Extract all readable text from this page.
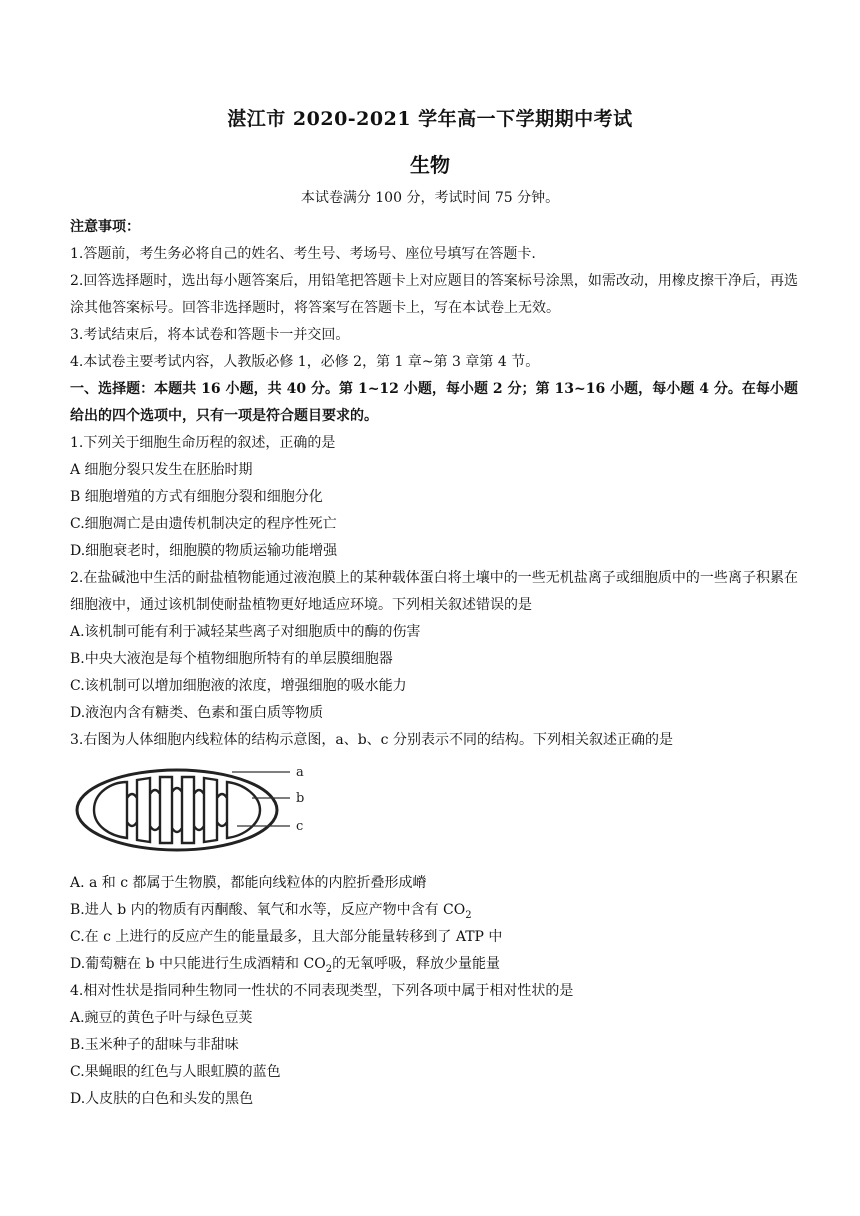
湛江市 2020-2021 学年高一下学期期中考试
生物
本试卷满分 100 分，考试时间 75 分钟。

注意事项：

1.答题前，考生务必将自己的姓名、考生号、考场号、座位号填写在答题卡.

2.回答选择题时，选出每小题答案后，用铅笔把答题卡上对应题目的答案标号涂黑，如需改动，用橡皮擦干净后，再选涂其他答案标号。回答非选择题时，将答案写在答题卡上，写在本试卷上无效。

3.考试结束后，将本试卷和答题卡一并交回。

4.本试卷主要考试内容，人教版必修 1，必修 2，第 1 章~第 3 章第 4 节。

一、选择题：本题共 16 小题，共 40 分。第 1~12 小题，每小题 2 分；第 13~16 小题，每小题 4 分。在每小题给出的四个选项中，只有一项是符合题目要求的。

1.下列关于细胞生命历程的叙述，正确的是

A 细胞分裂只发生在胚胎时期

B 细胞增殖的方式有细胞分裂和细胞分化

C.细胞凋亡是由遗传机制决定的程序性死亡

D.细胞衰老时，细胞膜的物质运输功能增强

2.在盐碱池中生活的耐盐植物能通过液泡膜上的某种载体蛋白将土壤中的一些无机盐离子或细胞质中的一些离子积累在细胞液中，通过该机制使耐盐植物更好地适应环境。下列相关叙述错误的是

A.该机制可能有利于减轻某些离子对细胞质中的酶的伤害

B.中央大液泡是每个植物细胞所特有的单层膜细胞器

C.该机制可以增加细胞液的浓度，增强细胞的吸水能力

D.液泡内含有糖类、色素和蛋白质等物质

3.右图为人体细胞内线粒体的结构示意图，a、b、c 分别表示不同的结构。下列相关叙述正确的是

a
b
c

A. a 和 c 都属于生物膜，都能向线粒体的内腔折叠形成嵴

B.进人 b 内的物质有丙酮酸、氧气和水等，反应产物中含有 $CO_2$

C.在 c 上进行的反应产生的能量最多，且大部分能量转移到了 ATP 中

D.葡萄糖在 b 中只能进行生成酒精和 $CO_2$的无氧呼吸，释放少量能量

4.相对性状是指同种生物同一性状的不同表现类型，下列各项中属于相对性状的是

A.豌豆的黄色子叶与绿色豆荚

B.玉米种子的甜味与非甜味

C.果蝇眼的红色与人眼虹膜的蓝色

D.人皮肤的白色和头发的黑色
